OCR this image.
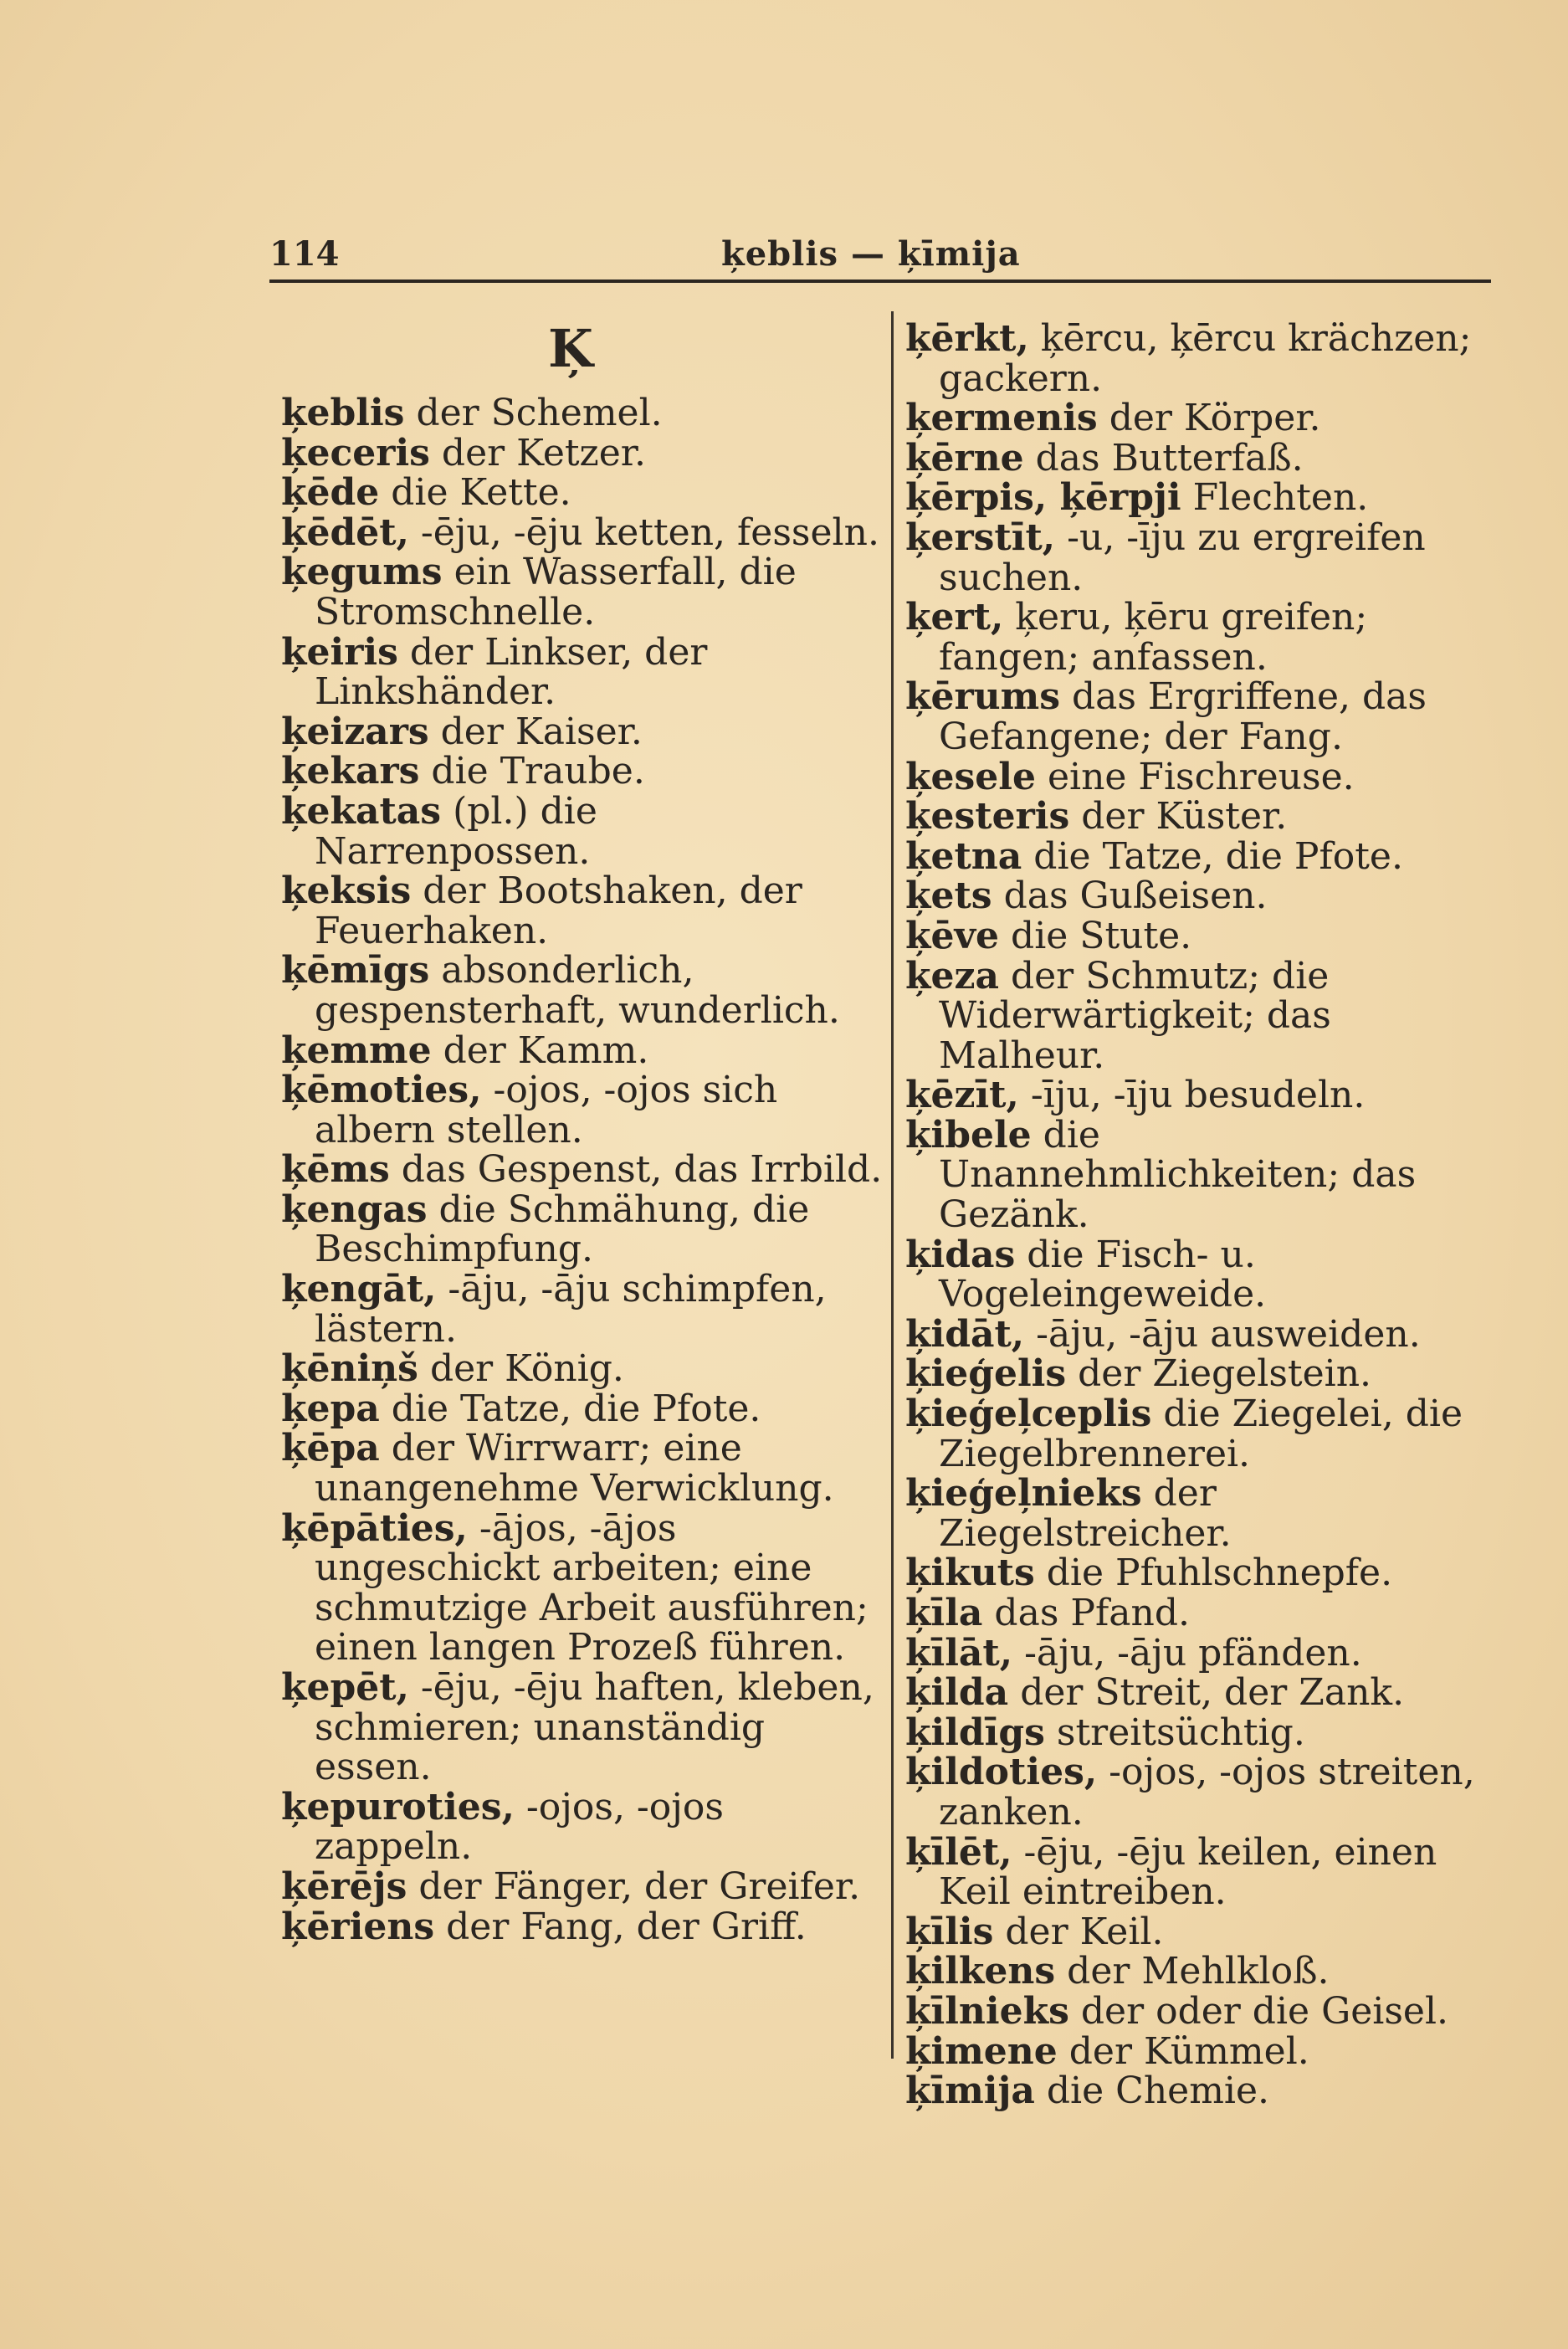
114	ķeblis — ķīmija
Ķ

ķeblis der Schemel.

ķeceris der Ketzer.

ķēde die Kette.

ķēdēt, -ēju, -ēju ketten, fesseln.

ķegums ein Wasserfall, die Stromschnelle.

ķeiris der Linkser, der Linkshänder.

ķeizars der Kaiser.

ķekars die Traube.

ķekatas (pl.) die Narrenpossen.

ķeksis der Bootshaken, der Feuerhaken.

ķēmīgs absonderlich, gespensterhaft, wunderlich.

ķemme der Kamm.

ķēmoties, -ojos, -ojos sich albern stellen.

ķēms das Gespenst, das Irrbild.

ķengas die Schmähung, die Beschimpfung.

ķengāt, -āju, -āju schimpfen, lästern.

ķēniņš der König.

ķepa die Tatze, die Pfote.

ķēpa der Wirrwarr; eine unangenehme Verwicklung.

ķēpāties, -ājos, -ājos ungeschickt arbeiten; eine schmutzige Arbeit ausführen; einen langen Prozeß führen.

ķepēt, -ēju, -ēju haften, kleben, schmieren; unanständig essen.

ķepuroties, -ojos, -ojos zappeln.

ķērējs der Fänger, der Greifer.

ķēriens der Fang, der Griff.

ķērkt, ķērcu, ķērcu krächzen; gackern.

ķermenis der Körper.

ķērne das Butterfaß.

ķērpis, ķērpji Flechten.

ķerstīt, -u, -īju zu ergreifen suchen.

ķert, ķeru, ķēru greifen; fangen; anfassen.

ķērums das Ergriffene, das Gefangene; der Fang.

ķesele eine Fischreuse.

ķesteris der Küster.

ķetna die Tatze, die Pfote.

ķets das Gußeisen.

ķēve die Stute.

ķeza der Schmutz; die Widerwärtigkeit; das Malheur.

ķēzīt, -īju, -īju besudeln.

ķibele die Unannehmlichkeiten; das Gezänk.

ķidas die Fisch- u. Vogeleingeweide.

ķidāt, -āju, -āju ausweiden.

ķieģelis der Ziegelstein.

ķieģeļceplis die Ziegelei, die Ziegelbrennerei.

ķieģeļnieks der Ziegelstreicher.

ķikuts die Pfuhlschnepfe.

ķīla das Pfand.

ķīlāt, -āju, -āju pfänden.

ķilda der Streit, der Zank.

ķildīgs streitsüchtig.

ķildoties, -ojos, -ojos streiten, zanken.

ķīlēt, -ēju, -ēju keilen, einen Keil eintreiben.

ķīlis der Keil.

ķilkens der Mehlkloß.

ķīlnieks der oder die Geisel.

ķimene der Kümmel.

ķīmija die Chemie.
